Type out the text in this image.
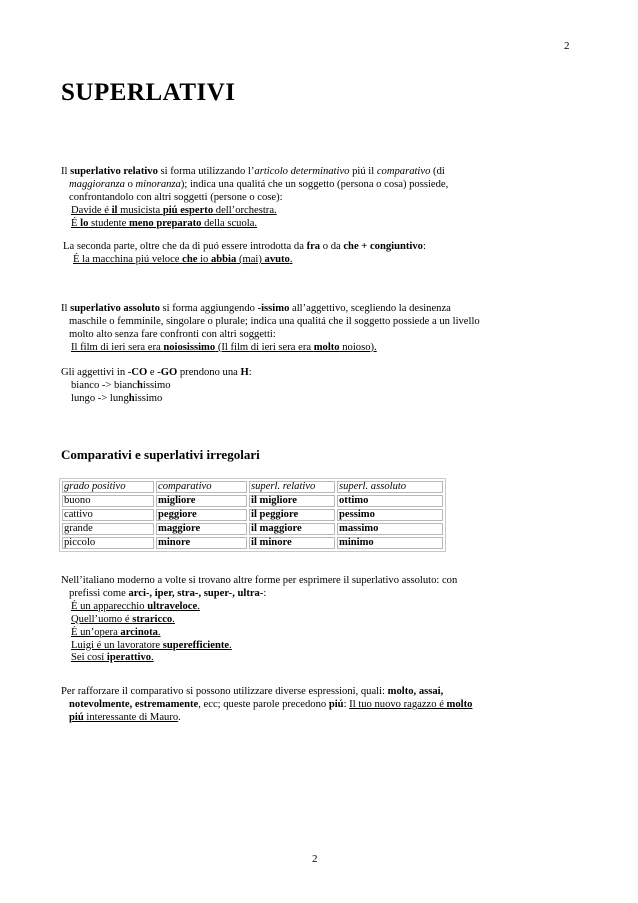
2
SUPERLATIVI

Il superlativo relativo si forma utilizzando l’articolo determinativo piú il comparativo (di

maggioranza o minoranza); indica una qualitá che un soggetto (persona o cosa) possiede,

confrontandolo con altri soggetti (persone o cose):

Davide é il musicista piú esperto dell’orchestra.

É lo studente meno preparato della scuola.

La seconda parte, oltre che da di puó essere introdotta da fra o da che + congiuntivo:

É la macchina piú veloce che io abbia (mai) avuto.

Il superlativo assoluto si forma aggiungendo -issimo all’aggettivo, scegliendo la desinenza

maschile o femminile, singolare o plurale; indica una qualitá che il soggetto possiede a un livello

molto alto senza fare confronti con altri soggetti:

Il film di ieri sera era noiosissimo (Il film di ieri sera era molto noioso).

Gli aggettivi in -CO e -GO prendono una H:

bianco -> bianchissimo

lungo -> lunghissimo

Comparativi e superlativi irregolari
grado positivo	comparativo	superl. relativo	superl. assoluto
buono	migliore	il migliore	ottimo
cattivo	peggiore	il peggiore	pessimo
grande	maggiore	il maggiore	massimo
piccolo	minore	il minore	minimo

Nell’italiano moderno a volte si trovano altre forme per esprimere il superlativo assoluto: con

prefissi come arci-, iper, stra-, super-, ultra-:

É un apparecchio ultraveloce.

Quell’uomo é straricco.

É un’opera arcinota.

Luigi é un lavoratore superefficiente.

Sei cosí iperattivo.

Per rafforzare il comparativo si possono utilizzare diverse espressioni, quali: molto, assai,

notevolmente, estremamente, ecc; queste parole precedono piú: Il tuo nuovo ragazzo é molto

piú interessante di Mauro.

2
